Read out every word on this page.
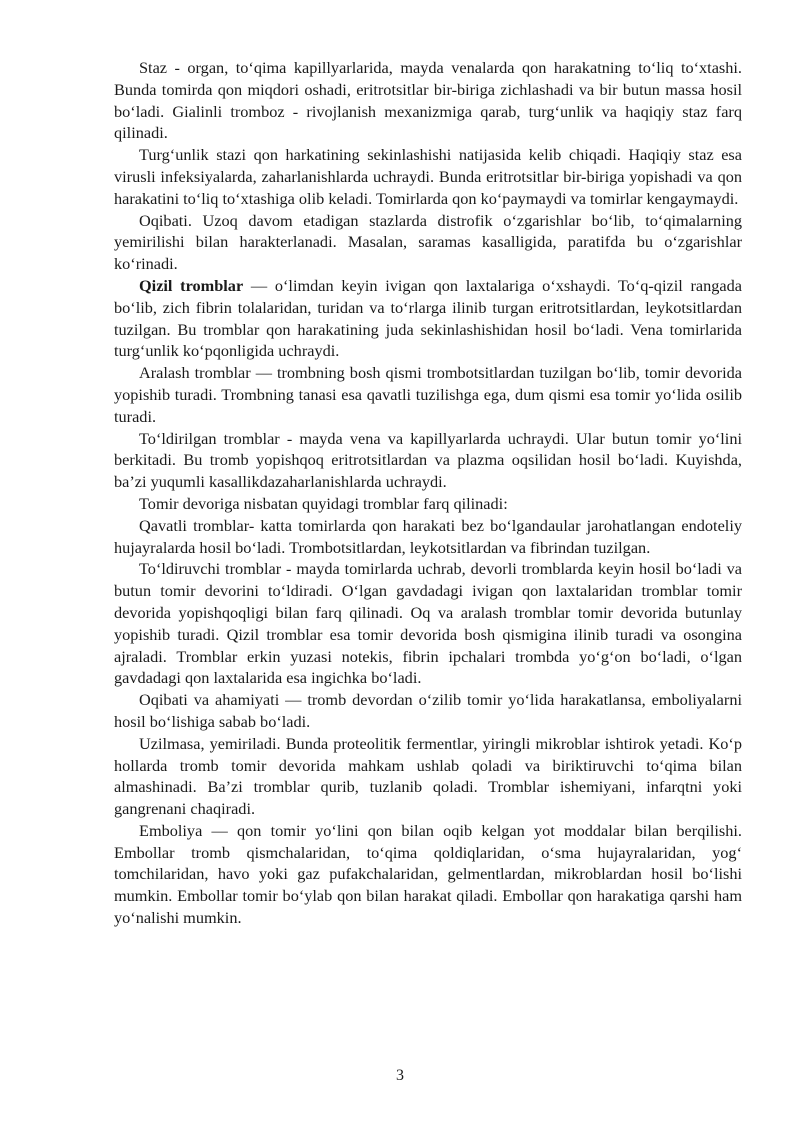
Staz - organ, to‘qima kapillyarlarida, mayda venalarda qon harakatning to‘liq to‘xtashi. Bunda tomirda qon miqdori oshadi, eritrotsitlar bir-biriga zichlashadi va bir butun massa hosil bo‘ladi. Gialinli tromboz - rivojlanish mexanizmiga qarab, turg‘unlik va haqiqiy staz farq qilinadi.

Turg‘unlik stazi qon harkatining sekinlashishi natijasida kelib chiqadi. Haqiqiy staz esa virusli infeksiyalarda, zaharlanishlarda uchraydi. Bunda eritrotsitlar bir-biriga yopishadi va qon harakatini to‘liq to‘xtashiga olib keladi. Tomirlarda qon ko‘paymaydi va tomirlar kengaymaydi.

Oqibati. Uzoq davom etadigan stazlarda distrofik o‘zgarishlar bo‘lib, to‘qimalarning yemirilishi bilan harakterlanadi. Masalan, saramas kasalligida, paratifda bu o‘zgarishlar ko‘rinadi.

Qizil tromblar — o‘limdan keyin ivigan qon laxtalariga o‘xshaydi. To‘q-qizil rangada bo‘lib, zich fibrin tolalaridan, turidan va to‘rlarga ilinib turgan eritrotsitlardan, leykotsitlardan tuzilgan. Bu tromblar qon harakatining juda sekinlashishidan hosil bo‘ladi. Vena tomirlarida turg‘unlik ko‘pqonligida uchraydi.

Aralash tromblar — trombning bosh qismi trombotsitlardan tuzilgan bo‘lib, tomir devorida yopishib turadi. Trombning tanasi esa qavatli tuzilishga ega, dum qismi esa tomir yo‘lida osilib turadi.

To‘ldirilgan tromblar - mayda vena va kapillyarlarda uchraydi. Ular butun tomir yo‘lini berkitadi. Bu tromb yopishqoq eritrotsitlardan va plazma oqsilidan hosil bo‘ladi. Kuyishda, ba’zi yuqumli kasallikdazaharlanishlarda uchraydi.

Tomir devoriga nisbatan quyidagi tromblar farq qilinadi:

Qavatli tromblar- katta tomirlarda qon harakati bez bo‘lgandaular jarohatlangan endoteliy hujayralarda hosil bo‘ladi. Trombotsitlardan, leykotsitlardan va fibrindan tuzilgan.

To‘ldiruvchi tromblar - mayda tomirlarda uchrab, devorli tromblarda keyin hosil bo‘ladi va butun tomir devorini to‘ldiradi. O‘lgan gavdadagi ivigan qon laxtalaridan tromblar tomir devorida yopishqoqligi bilan farq qilinadi. Oq va aralash tromblar tomir devorida butunlay yopishib turadi. Qizil tromblar esa tomir devorida bosh qismigina ilinib turadi va osongina ajraladi. Tromblar erkin yuzasi notekis, fibrin ipchalari trombda yo‘g‘on bo‘ladi, o‘lgan gavdadagi qon laxtalarida esa ingichka bo‘ladi.

Oqibati va ahamiyati — tromb devordan o‘zilib tomir yo‘lida harakatlansa, emboliyalarni hosil bo‘lishiga sabab bo‘ladi.

Uzilmasa, yemiriladi. Bunda proteolitik fermentlar, yiringli mikroblar ishtirok yetadi. Ko‘p hollarda tromb tomir devorida mahkam ushlab qoladi va biriktiruvchi to‘qima bilan almashinadi. Ba’zi tromblar qurib, tuzlanib qoladi. Tromblar ishemiyani, infarqtni yoki gangrenani chaqiradi.

Emboliya — qon tomir yo‘lini qon bilan oqib kelgan yot moddalar bilan berqilishi. Embollar tromb qismchalaridan, to‘qima qoldiqlaridan, o‘sma hujayralaridan, yog‘ tomchilaridan, havo yoki gaz pufakchalaridan, gelmentlardan, mikroblardan hosil bo‘lishi mumkin. Embollar tomir bo‘ylab qon bilan harakat qiladi. Embollar qon harakatiga qarshi ham yo‘nalishi mumkin.

3
